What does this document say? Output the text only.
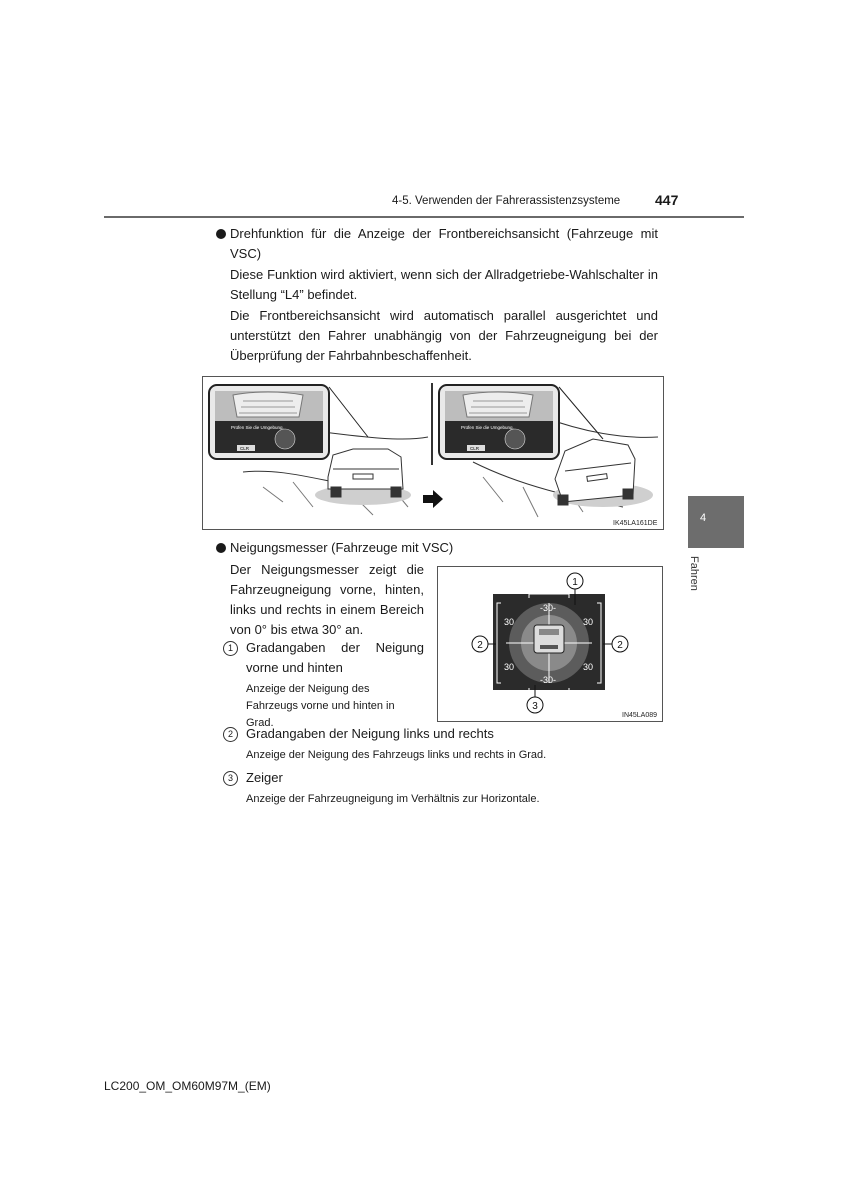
4-5. Verwenden der Fahrerassistenzsysteme 447
4
Fahren
Drehfunktion für die Anzeige der Frontbereichsansicht (Fahrzeuge mit VSC)
Diese Funktion wird aktiviert, wenn sich der Allradgetriebe-Wahlschalter in Stellung “L4” befindet.
Die Frontbereichsansicht wird automatisch parallel ausgerichtet und unterstützt den Fahrer unabhängig von der Fahrzeugneigung bei der Überprüfung der Fahrbahnbeschaffenheit.
Prüfen Sie die Umgebung.
CLR
Prüfen Sie die Umgebung.
CLR
IK45LA161DE
Neigungsmesser (Fahrzeuge mit VSC)
Der Neigungsmesser zeigt die Fahrzeugneigung vorne, hinten, links und rechts in einem Bereich von 0° bis etwa 30° an.
-30-
-30-
30
30
30
30
1
2	2
3
IN45LA089
1	Gradangaben der Neigung vorne und hinten
Anzeige der Neigung des Fahrzeugs vorne und hinten in Grad.
2	Gradangaben der Neigung links und rechts
Anzeige der Neigung des Fahrzeugs links und rechts in Grad.
3	Zeiger
Anzeige der Fahrzeugneigung im Verhältnis zur Horizontale.
LC200_OM_OM60M97M_(EM)
